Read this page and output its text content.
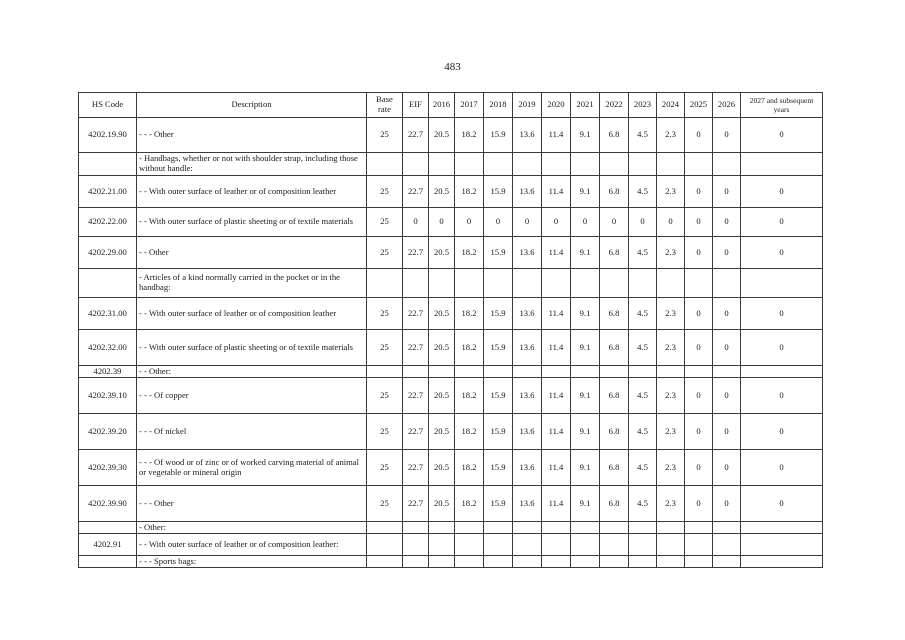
483
HS Code	Description	Base rate	EIF	2016	2017	2018	2019	2020	2021	2022	2023	2024	2025	2026	2027 and subsequent years
4202.19.90	- - - Other	25	22.7	20.5	18.2	15.9	13.6	11.4	9.1	6.8	4.5	2.3	0	0	0
	- Handbags, whether or not with shoulder strap, including those without handle:														
4202.21.00	- - With outer surface of leather or of composition leather	25	22.7	20.5	18.2	15.9	13.6	11.4	9.1	6.8	4.5	2.3	0	0	0
4202.22.00	- - With outer surface of plastic sheeting or of textile materials	25	0	0	0	0	0	0	0	0	0	0	0	0	0
4202.29.00	- - Other	25	22.7	20.5	18.2	15.9	13.6	11.4	9.1	6.8	4.5	2.3	0	0	0
	- Articles of a kind normally carried in the pocket or in the handbag:														
4202.31.00	- - With outer surface of leather or of composition leather	25	22.7	20.5	18.2	15.9	13.6	11.4	9.1	6.8	4.5	2.3	0	0	0
4202.32.00	- - With outer surface of plastic sheeting or of textile materials	25	22.7	20.5	18.2	15.9	13.6	11.4	9.1	6.8	4.5	2.3	0	0	0
4202.39	- - Other:														
4202.39.10	- - - Of copper	25	22.7	20.5	18.2	15.9	13.6	11.4	9.1	6.8	4.5	2.3	0	0	0
4202.39.20	- - - Of nickel	25	22.7	20.5	18.2	15.9	13.6	11.4	9.1	6.8	4.5	2.3	0	0	0
4202.39.30	- - - Of wood or of zinc or of worked carving material of animal or vegetable or mineral origin	25	22.7	20.5	18.2	15.9	13.6	11.4	9.1	6.8	4.5	2.3	0	0	0
4202.39.90	- - - Other	25	22.7	20.5	18.2	15.9	13.6	11.4	9.1	6.8	4.5	2.3	0	0	0
	- Other:														
4202.91	- - With outer surface of leather or of composition leather:														
	- - - Sports bags:														
